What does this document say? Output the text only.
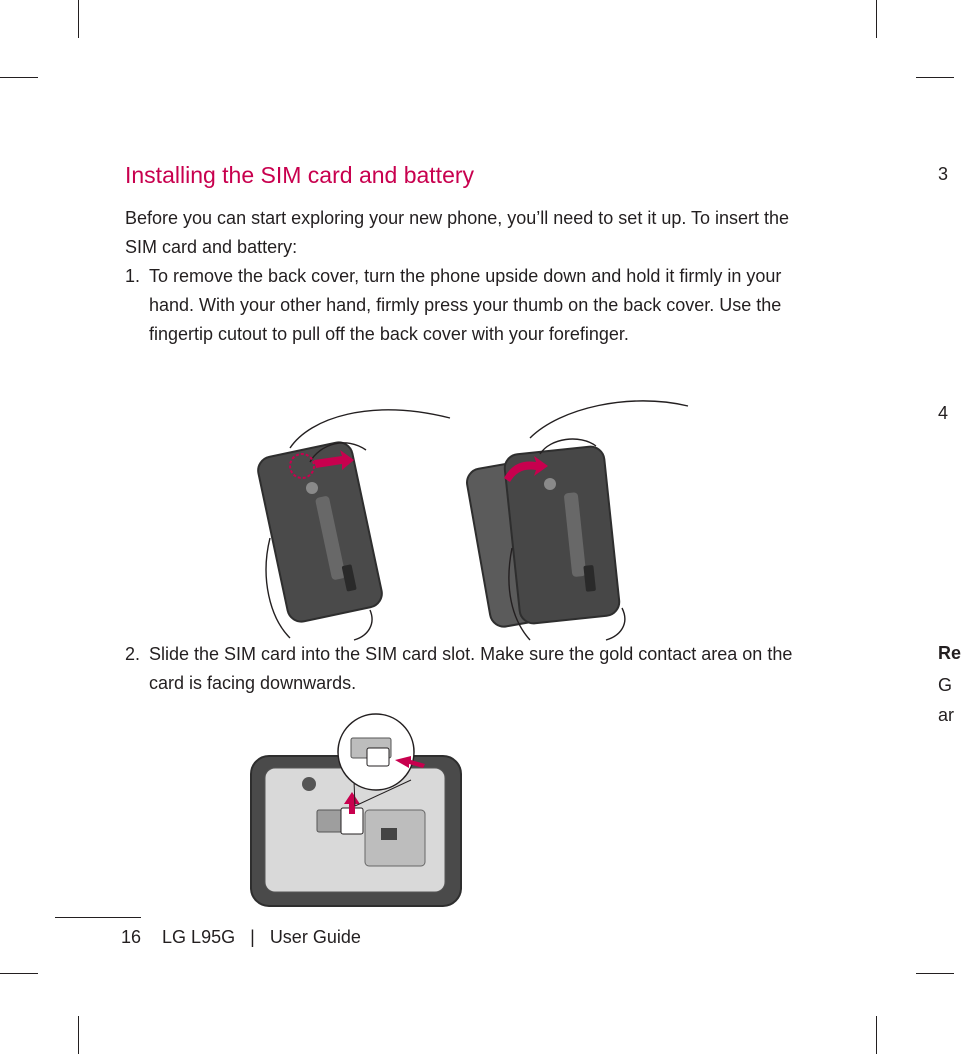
Installing the SIM card and battery

Before you can start exploring your new phone, you’ll need to set it up. To insert the SIM card and battery:

1. To remove the back cover, turn the phone upside down and hold it firmly in your hand. With your other hand, firmly press your thumb on the back cover. Use the fingertip cutout to pull off the back cover with your forefinger.
2. Slide the SIM card into the SIM card slot. Make sure the gold contact area on the card is facing downwards.
16 LG L95G | User Guide
3
4
Re
G
ar
